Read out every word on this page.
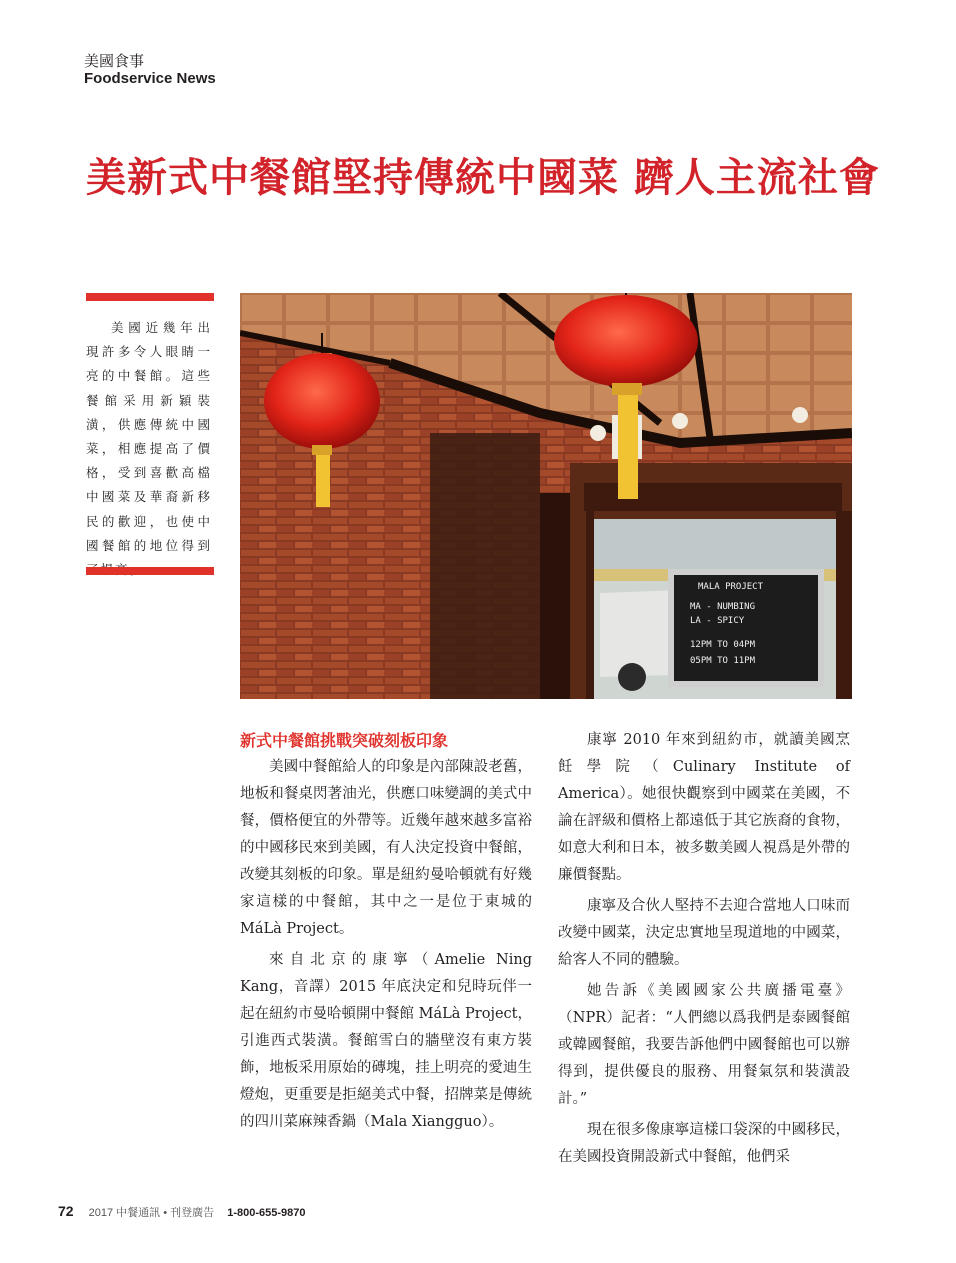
美國食事
Foodservice News
美新式中餐館堅持傳統中國菜 躋人主流社會
美國近幾年出現許多令人眼睛一亮的中餐館。這些餐館采用新穎裝潢，供應傳統中國菜，相應提高了價格，受到喜歡高檔中國菜及華裔新移民的歡迎，也使中國餐館的地位得到
MALA PROJECT
MA - NUMBING
LA - SPICY
12PM TO 04PM
05PM TO 11PM
新式中餐館挑戰突破刻板印象

美國中餐館給人的印象是內部陳設老舊，地板和餐桌閃著油光，供應口味變調的美式中餐，價格便宜的外帶等。近幾年越來越多富裕的中國移民來到美國，有人決定投資中餐館，改變其刻板的印象。單是紐約曼哈頓就有好幾家這樣的中餐館，其中之一是位于東城的 MáLà Project。

來自北京的康寧（Amelie Ning Kang，音譯）2015 年底決定和兒時玩伴一起在紐約市曼哈頓開中餐館 MáLà Project，引進西式裝潢。餐館雪白的牆壁沒有東方裝飾，地板采用原始的磚塊，挂上明亮的愛迪生燈炮，更重要是拒絕美式中餐，招牌菜是傳統的四川菜麻辣香鍋（Mala Xiangguo）。

康寧 2010 年來到紐約市，就讀美國烹飪學院（Culinary Institute of America）。她很快觀察到中國菜在美國，不論在評級和價格上都遠低于其它族裔的食物，如意大利和日本，被多數美國人視爲是外帶的廉價餐點。

康寧及合伙人堅持不去迎合當地人口味而改變中國菜，決定忠實地呈現道地的中國菜，給客人不同的體驗。

她告訴《美國國家公共廣播電臺》（NPR）記者：“人們總以爲我們是泰國餐館或韓國餐館，我要告訴他們中國餐館也可以辦得到，提供優良的服務、用餐氣氛和裝潢設計。”

現在很多像康寧這樣口袋深的中國移民，在美國投資開設新式中餐館，他們采

72 2017 中餐通訊 • 刊登廣告 1-800-655-9870
